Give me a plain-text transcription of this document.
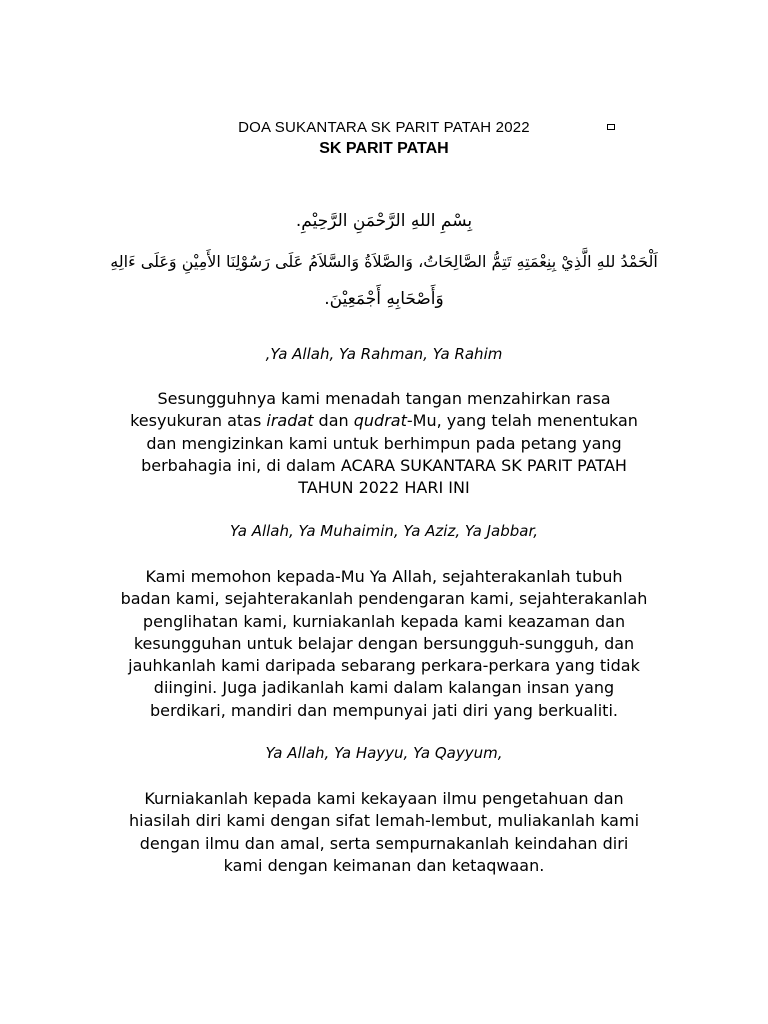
DOA SUKANTARA SK PARIT PATAH 2022
SK PARIT PATAH
بِسْمِ اللهِ الرَّحْمَنِ الرَّحِيْمِ.
اَلْحَمْدُ للهِ الَّذِيْ بِنِعْمَتِهِ تَتِمُّ الصَّالِحَاتُ، وَالصَّلاَةُ وَالسَّلاَمُ عَلَى رَسُوْلِنَا الأَمِيْنِ وَعَلَى ءَالِهِ
وَأَصْحَابِهِ أَجْمَعِيْنَ.
,Ya Allah, Ya Rahman, Ya Rahim
Sesungguhnya kami menadah tangan menzahirkan rasa
kesyukuran atas iradat dan qudrat-Mu, yang telah menentukan
dan mengizinkan kami untuk berhimpun pada petang yang
berbahagia ini, di dalam ACARA SUKANTARA SK PARIT PATAH
TAHUN 2022 HARI INI
Ya Allah, Ya Muhaimin, Ya Aziz, Ya Jabbar,
Kami memohon kepada-Mu Ya Allah, sejahterakanlah tubuh
badan kami, sejahterakanlah pendengaran kami, sejahterakanlah
penglihatan kami, kurniakanlah kepada kami keazaman dan
kesungguhan untuk belajar dengan bersungguh-sungguh, dan
jauhkanlah kami daripada sebarang perkara-perkara yang tidak
diingini. Juga jadikanlah kami dalam kalangan insan yang
berdikari, mandiri dan mempunyai jati diri yang berkualiti.
Ya Allah, Ya Hayyu, Ya Qayyum,
Kurniakanlah kepada kami kekayaan ilmu pengetahuan dan
hiasilah diri kami dengan sifat lemah-lembut, muliakanlah kami
dengan ilmu dan amal, serta sempurnakanlah keindahan diri
kami dengan keimanan dan ketaqwaan.
